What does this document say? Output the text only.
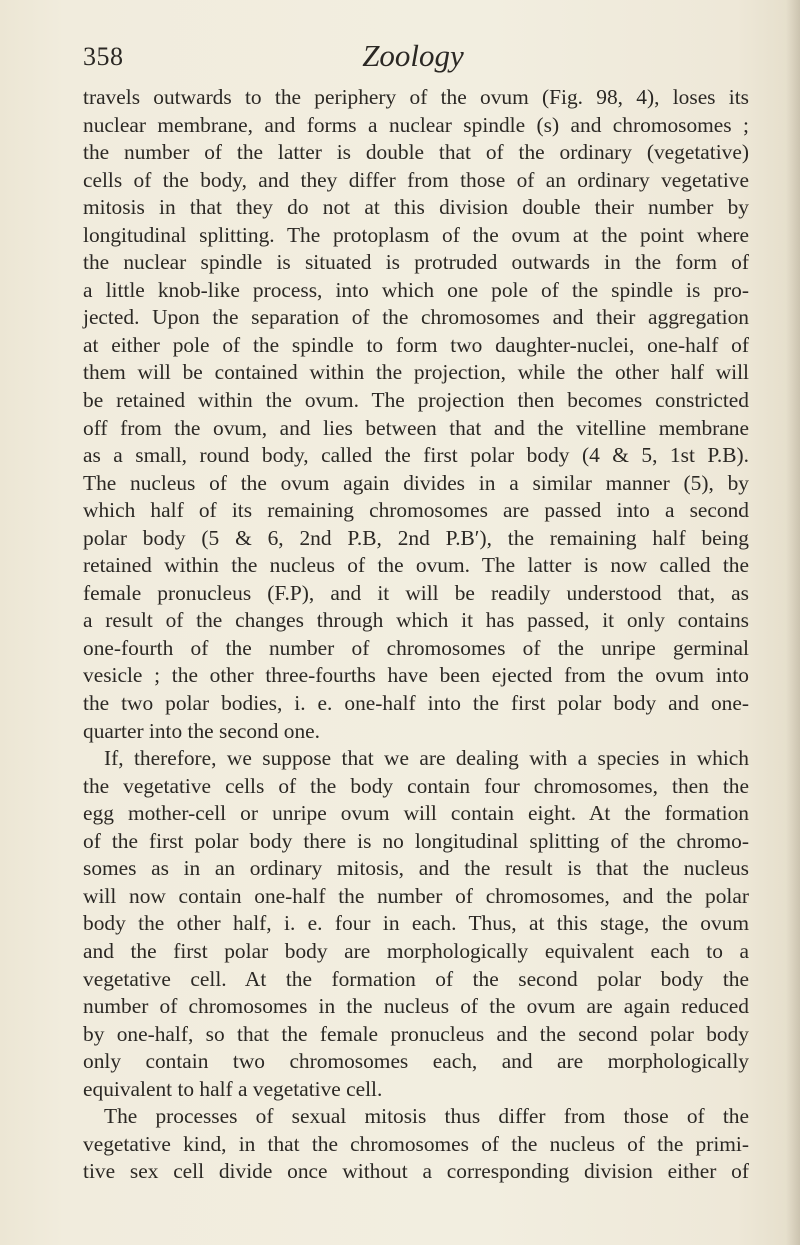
358	Zoology
travels outwards to the periphery of the ovum (Fig. 98, 4), loses its
nuclear membrane, and forms a nuclear spindle (s) and chromosomes ;
the number of the latter is double that of the ordinary (vegetative)
cells of the body, and they differ from those of an ordinary vegetative
mitosis in that they do not at this division double their number by
longitudinal splitting. The protoplasm of the ovum at the point where
the nuclear spindle is situated is protruded outwards in the form of
a little knob-like process, into which one pole of the spindle is pro-
jected. Upon the separation of the chromosomes and their aggregation
at either pole of the spindle to form two daughter-nuclei, one-half of
them will be contained within the projection, while the other half will
be retained within the ovum. The projection then becomes constricted
off from the ovum, and lies between that and the vitelline membrane
as a small, round body, called the first polar body (4 & 5, 1st P.B).
The nucleus of the ovum again divides in a similar manner (5), by
which half of its remaining chromosomes are passed into a second
polar body (5 & 6, 2nd P.B, 2nd P.B′), the remaining half being
retained within the nucleus of the ovum. The latter is now called the
female pronucleus (F.P), and it will be readily understood that, as
a result of the changes through which it has passed, it only contains
one-fourth of the number of chromosomes of the unripe germinal
vesicle ; the other three-fourths have been ejected from the ovum into
the two polar bodies, i. e. one-half into the first polar body and one-
quarter into the second one.
If, therefore, we suppose that we are dealing with a species in which
the vegetative cells of the body contain four chromosomes, then the
egg mother-cell or unripe ovum will contain eight. At the formation
of the first polar body there is no longitudinal splitting of the chromo-
somes as in an ordinary mitosis, and the result is that the nucleus
will now contain one-half the number of chromosomes, and the polar
body the other half, i. e. four in each. Thus, at this stage, the ovum
and the first polar body are morphologically equivalent each to a
vegetative cell. At the formation of the second polar body the
number of chromosomes in the nucleus of the ovum are again reduced
by one-half, so that the female pronucleus and the second polar body
only contain two chromosomes each, and are morphologically
equivalent to half a vegetative cell.
The processes of sexual mitosis thus differ from those of the
vegetative kind, in that the chromosomes of the nucleus of the primi-
tive sex cell divide once without a corresponding division either of
